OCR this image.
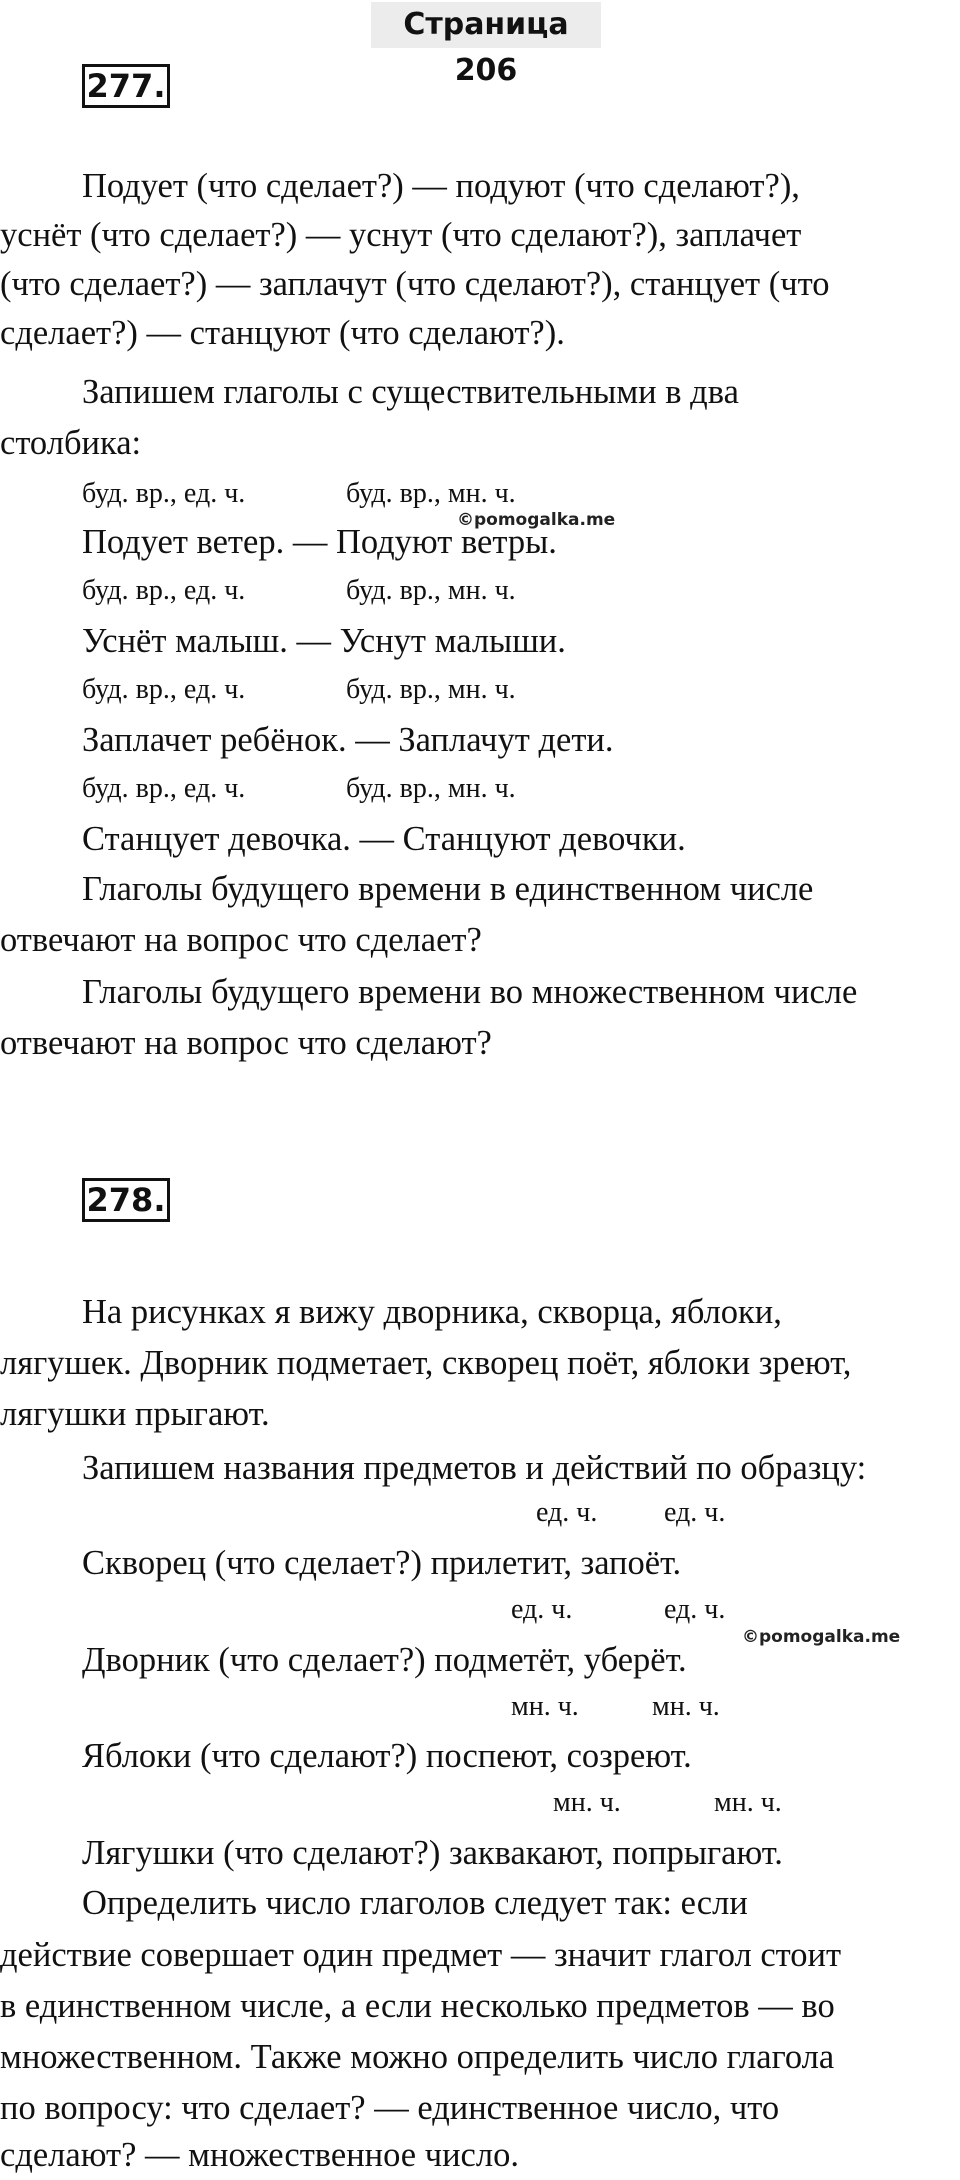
Страница 206
277.
Подует (что сделает?) — подуют (что сделают?),
уснёт (что сделает?) — уснут (что сделают?), заплачет
(что сделает?) — заплачут (что сделают?), станцует (что
сделает?) — станцуют (что сделают?).
Запишем глаголы с существительными в два
столбика:
буд. вр., ед. ч.	буд. вр., мн. ч.
©pomogalka.me
Подует ветер. — Подуют ветры.
буд. вр., ед. ч.	буд. вр., мн. ч.
Уснёт малыш. — Уснут малыши.
буд. вр., ед. ч.	буд. вр., мн. ч.
Заплачет ребёнок. — Заплачут дети.
буд. вр., ед. ч.	буд. вр., мн. ч.
Станцует девочка. — Станцуют девочки.
Глаголы будущего времени в единственном числе
отвечают на вопрос что сделает?
Глаголы будущего времени во множественном числе
отвечают на вопрос что сделают?
278.
На рисунках я вижу дворника, скворца, яблоки,
лягушек. Дворник подметает, скворец поёт, яблоки зреют,
лягушки прыгают.
Запишем названия предметов и действий по образцу:
ед. ч. ед. ч.
Скворец (что сделает?) прилетит, запоёт.
ед. ч.	ед. ч.
©pomogalka.me
Дворник (что сделает?) подметёт, уберёт.
мн. ч.	мн. ч.
Яблоки (что сделают?) поспеют, созреют.
мн. ч.	мн. ч.
Лягушки (что сделают?) заквакают, попрыгают.
Определить число глаголов следует так: если
действие совершает один предмет — значит глагол стоит
в единственном числе, а если несколько предметов — во
множественном. Также можно определить число глагола
по вопросу: что сделает? — единственное число, что
сделают? — множественное число.
